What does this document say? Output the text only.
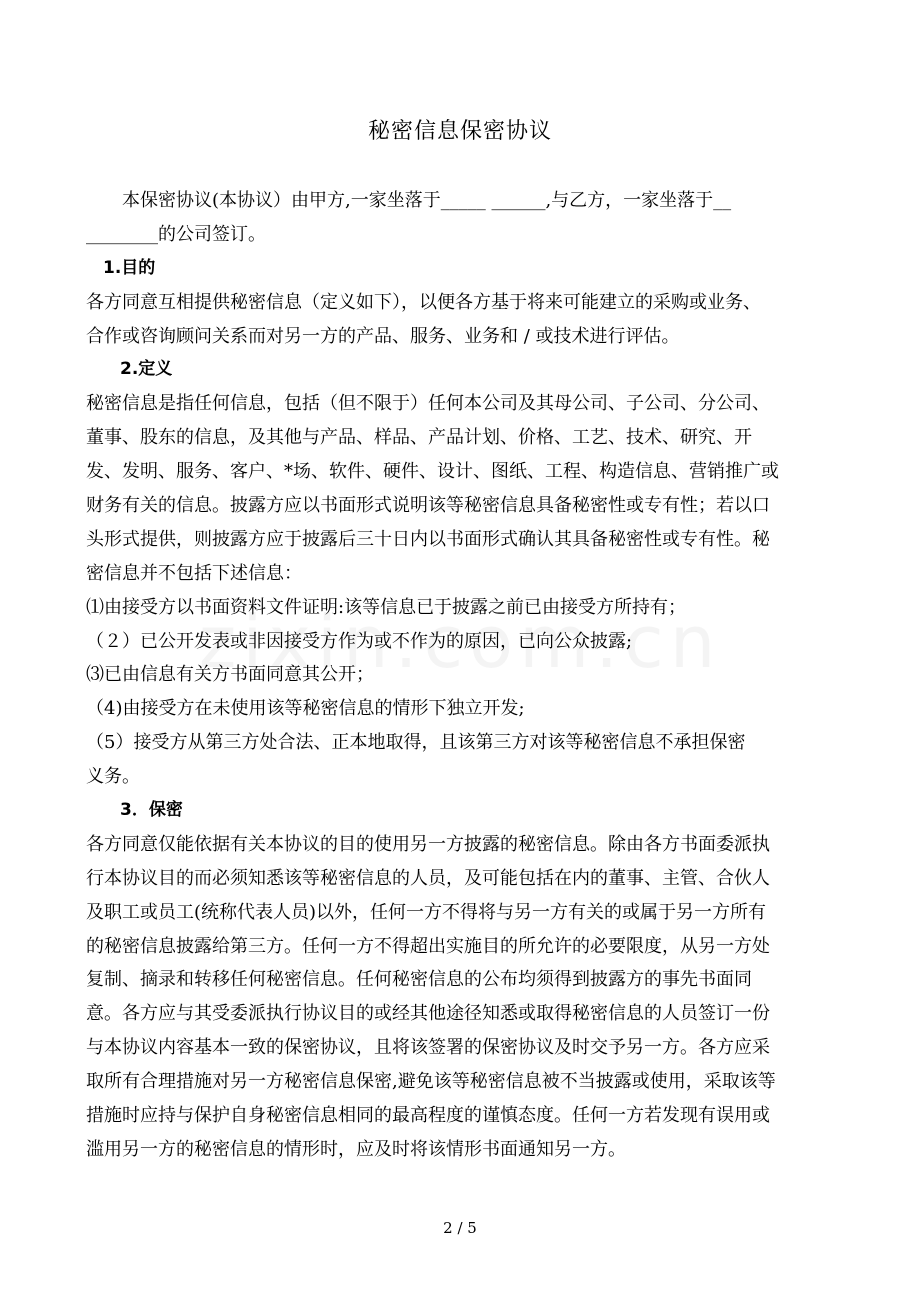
秘密信息保密协议
　　本保密协议(本协议）由甲方,一家坐落于_____ ______,与乙方，一家坐落于__
________的公司签订。
　1.目的
各方同意互相提供秘密信息（定义如下），以便各方基于将来可能建立的采购或业务、
合作或咨询顾问关系而对另一方的产品、服务、业务和 / 或技术进行评估。
　　2.定义
秘密信息是指任何信息，包括（但不限于）任何本公司及其母公司、子公司、分公司、
董事、股东的信息，及其他与产品、样品、产品计划、价格、工艺、技术、研究、开
发、发明、服务、客户、*场、软件、硬件、设计、图纸、工程、构造信息、营销推广或
财务有关的信息。披露方应以书面形式说明该等秘密信息具备秘密性或专有性；若以口
头形式提供，则披露方应于披露后三十日内以书面形式确认其具备秘密性或专有性。秘
密信息并不包括下述信息：
⑴由接受方以书面资料文件证明:该等信息已于披露之前已由接受方所持有；
（２）已公开发表或非因接受方作为或不作为的原因，已向公众披露;
⑶已由信息有关方书面同意其公开；
（4)由接受方在未使用该等秘密信息的情形下独立开发;
（5）接受方从第三方处合法、正本地取得，且该第三方对该等秘密信息不承担保密
义务。
　　3．保密
各方同意仅能依据有关本协议的目的使用另一方披露的秘密信息。除由各方书面委派执
行本协议目的而必须知悉该等秘密信息的人员，及可能包括在内的董事、主管、合伙人
及职工或员工(统称代表人员)以外，任何一方不得将与另一方有关的或属于另一方所有
的秘密信息披露给第三方。任何一方不得超出实施目的所允许的必要限度，从另一方处
复制、摘录和转移任何秘密信息。任何秘密信息的公布均须得到披露方的事先书面同
意。各方应与其受委派执行协议目的或经其他途径知悉或取得秘密信息的人员签订一份
与本协议内容基本一致的保密协议，且将该签署的保密协议及时交予另一方。各方应采
取所有合理措施对另一方秘密信息保密,避免该等秘密信息被不当披露或使用，采取该等
措施时应持与保护自身秘密信息相同的最高程度的谨慎态度。任何一方若发现有误用或
滥用另一方的秘密信息的情形时，应及时将该情形书面通知另一方。
2 / 5
